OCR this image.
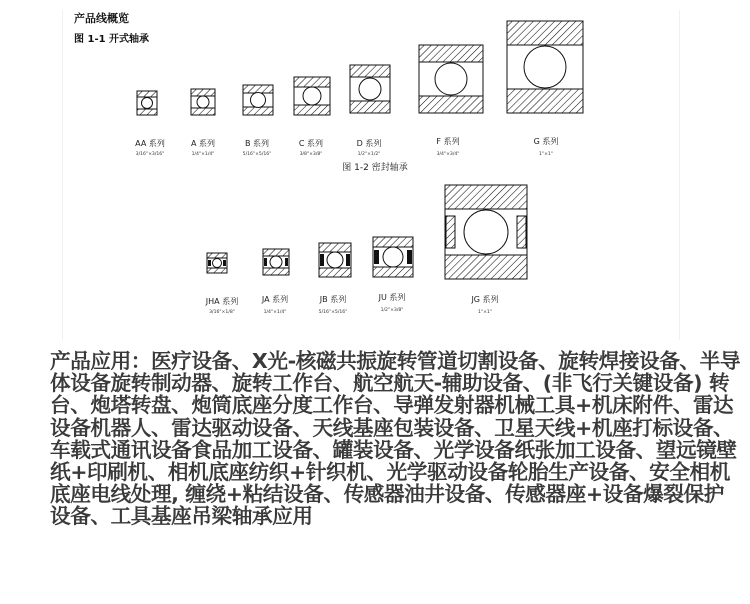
产品线概览
图 1-1 开式轴承
图 1-2 密封轴承
AA 系列
3/16"×3/16"
A 系列
1/4"×1/4"
B 系列
5/16"×5/16"
C 系列
3/8"×3/8"
D 系列
1/2"×1/2"
F 系列
3/4"×3/4"
G 系列
1"×1"
JHA 系列
3/16"×1/8"
JA 系列
1/4"×1/4"
JB 系列
5/16"×5/16"
JU 系列
1/2"×3/8"
JG 系列
1"×1"
产品应用：医疗设备、X光-核磁共振旋转管道切割设备、旋转焊接设备、半导体设备旋转制动器、旋转工作台、航空航天-辅助设备、(非飞行关键设备) 转台、炮塔转盘、炮筒底座分度工作台、导弹发射器机械工具+机床附件、雷达设备机器人、雷达驱动设备、天线基座包装设备、卫星天线+机座打标设备、车载式通讯设备食品加工设备、罐装设备、光学设备纸张加工设备、望远镜壁纸+印刷机、相机底座纺织+针织机、光学驱动设备轮胎生产设备、安全相机底座电线处理, 缠绕+粘结设备、传感器油井设备、传感器座+设备爆裂保护设备、工具基座吊梁轴承应用
